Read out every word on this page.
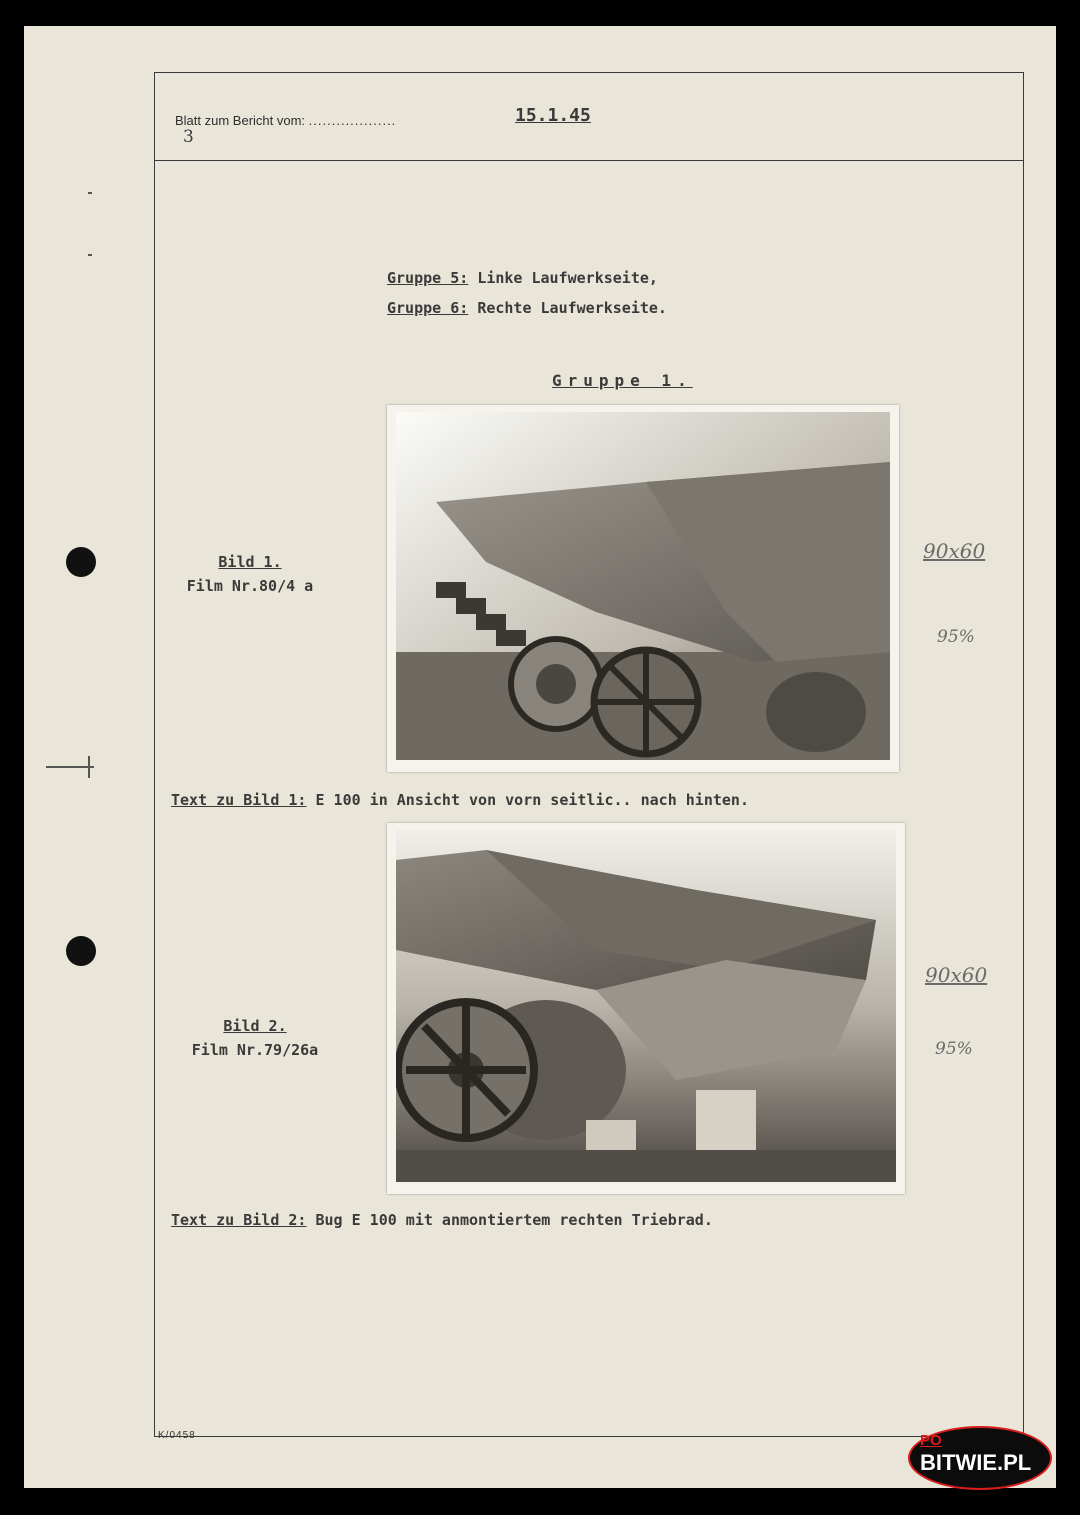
Blatt zum Bericht vom: ...................
3
15.1.45
Gruppe 5: Linke Laufwerkseite,
Gruppe 6: Rechte Laufwerkseite.
Gruppe 1.
Bild 1.
Film Nr.80/4 a
90x60
95%
Text zu Bild 1: E 100 in Ansicht von vorn seitlic.. nach hinten.
Bild 2.
Film Nr.79/26a
90x60
95%
Text zu Bild 2: Bug E 100 mit anmontiertem rechten Triebrad.
K/0458	PO
BITWIE.PL
